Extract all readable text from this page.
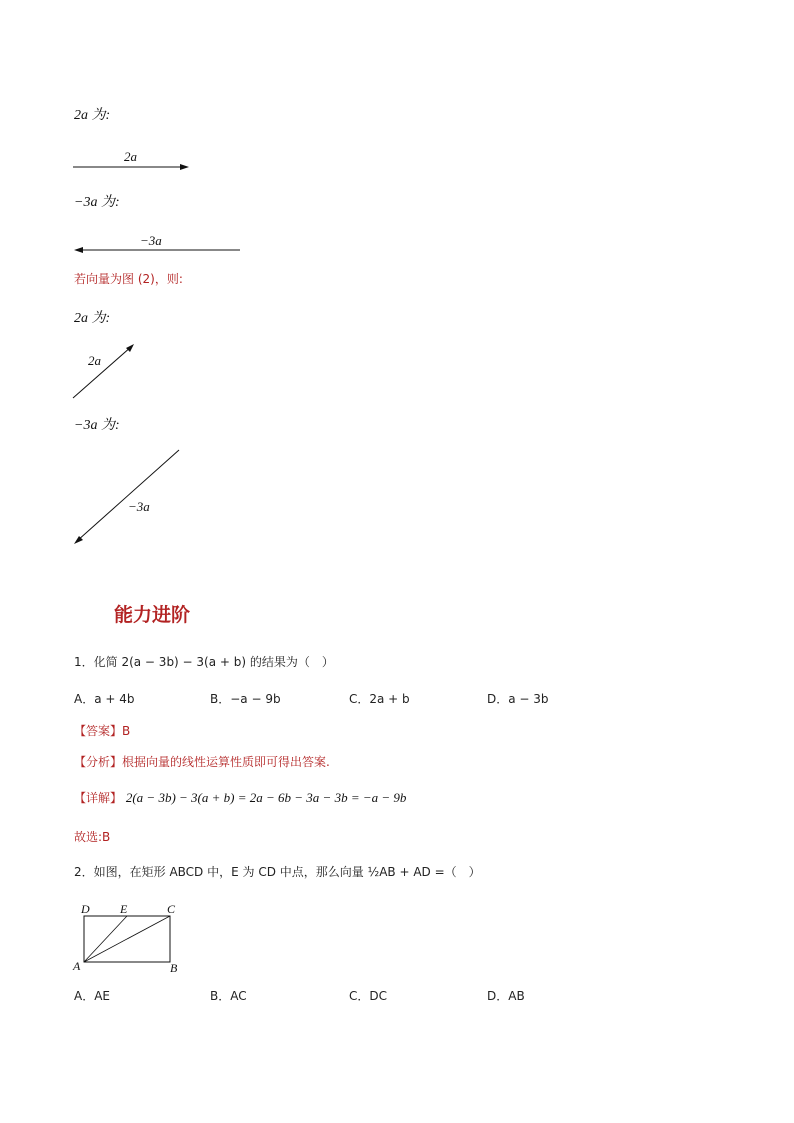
2a 为:
2a
−3a 为:
−3a
若向量为图 (2)，则:
2a 为:
2a
−3a 为:
−3a
能力进阶
1．化简 2(a − 3b) − 3(a + b) 的结果为（　）
A．a + 4b	B．−a − 9b	C．2a + b	D．a − 3b
【答案】B
【分析】根据向量的线性运算性质即可得出答案.
【详解】 2(a − 3b) − 3(a + b) = 2a − 6b − 3a − 3b = −a − 9b
故选:B
2．如图，在矩形 ABCD 中，E 为 CD 中点，那么向量 ½AB + AD =（　）
D	E	C
A	B
A．AE	B．AC	C．DC	D．AB
